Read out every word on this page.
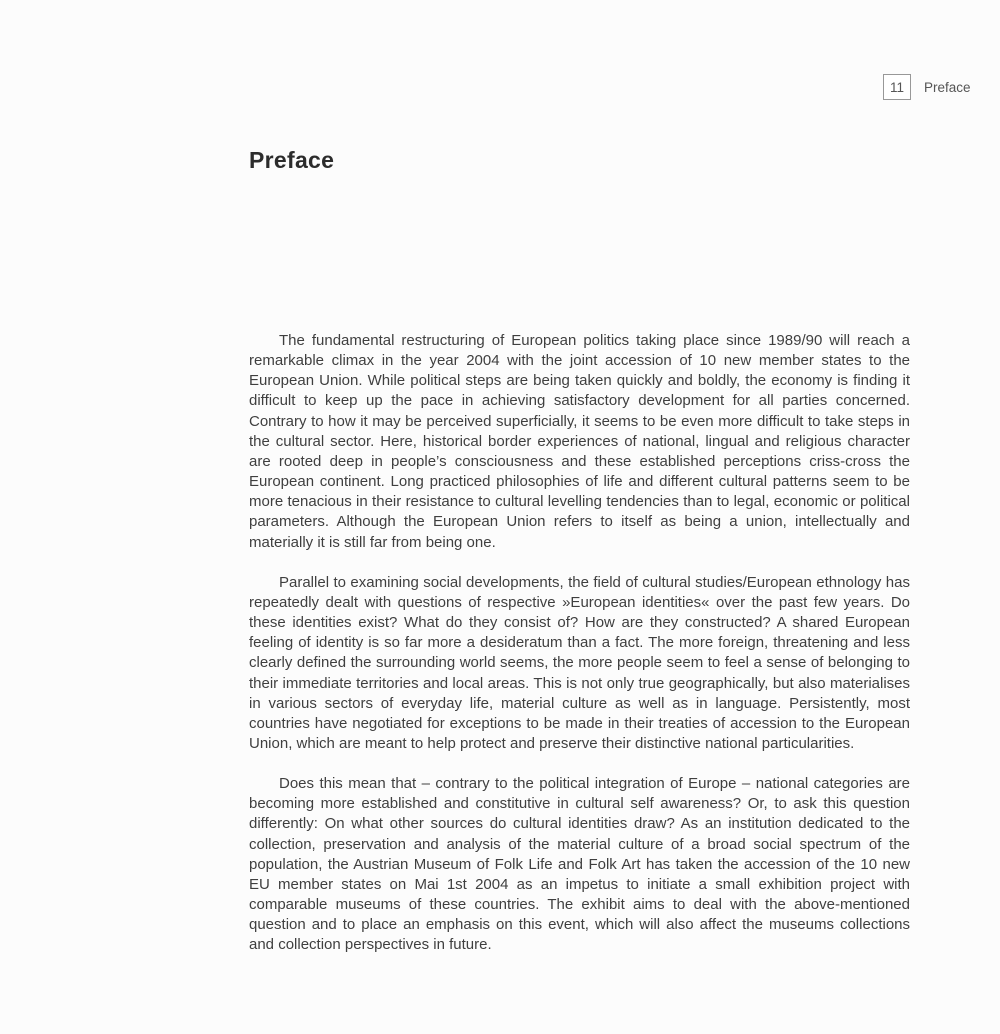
11 Preface
Preface

The fundamental restructuring of European politics taking place since 1989/90 will reach a remarkable climax in the year 2004 with the joint accession of 10 new member states to the European Union. While political steps are being taken quickly and boldly, the economy is finding it difficult to keep up the pace in achieving satisfactory development for all parties concerned. Contrary to how it may be perceived superficially, it seems to be even more difficult to take steps in the cultural sector. Here, historical border experiences of national, lingual and religious character are rooted deep in people’s consciousness and these established perceptions criss-cross the European continent. Long practiced philosophies of life and different cultural patterns seem to be more tenacious in their resistance to cultural levelling tendencies than to legal, economic or political parameters. Although the European Union refers to itself as being a union, intellectually and materially it is still far from being one.

Parallel to examining social developments, the field of cultural studies/European ethnology has repeatedly dealt with questions of respective »European identities« over the past few years. Do these identities exist? What do they consist of? How are they constructed? A shared European feeling of identity is so far more a desideratum than a fact. The more foreign, threatening and less clearly defined the surrounding world seems, the more people seem to feel a sense of belonging to their immediate territories and local areas. This is not only true geographically, but also materialises in various sectors of everyday life, material culture as well as in language. Persistently, most countries have negotiated for exceptions to be made in their treaties of accession to the European Union, which are meant to help protect and preserve their distinctive national particularities.

Does this mean that – contrary to the political integration of Europe – national categories are becoming more established and constitutive in cultural self awareness? Or, to ask this question differently: On what other sources do cultural identities draw? As an institution dedicated to the collection, preservation and analysis of the material culture of a broad social spectrum of the population, the Austrian Museum of Folk Life and Folk Art has taken the accession of the 10 new EU member states on Mai 1st 2004 as an impetus to initiate a small exhibition project with comparable museums of these countries. The exhibit aims to deal with the above-mentioned question and to place an emphasis on this event, which will also affect the museums collections and collection perspectives in future.
